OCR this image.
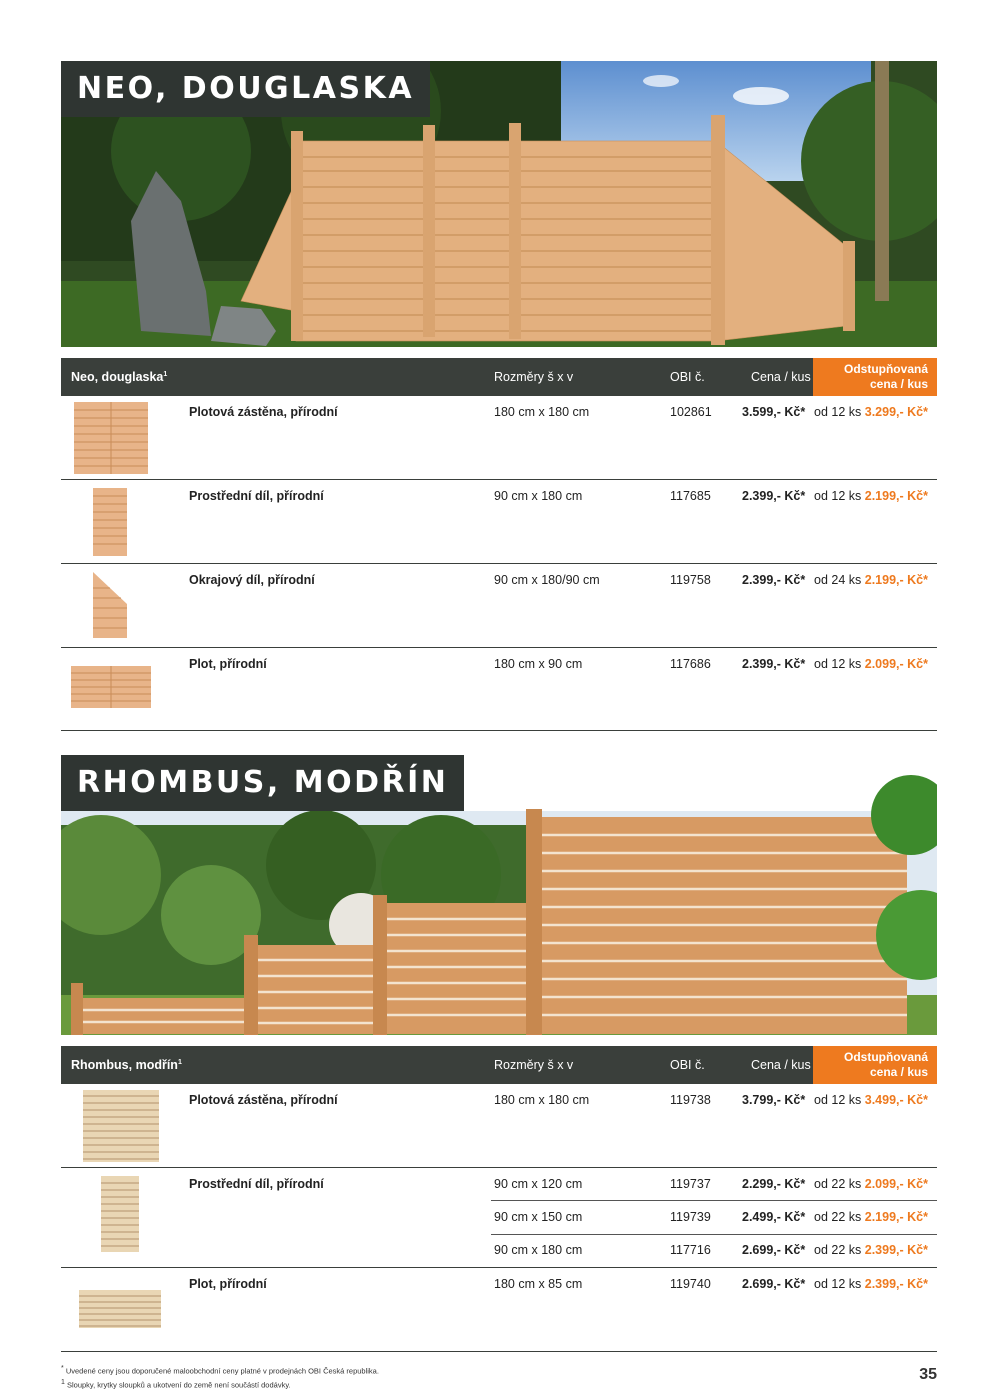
NEO, DOUGLASKA
Neo, douglaska$^1$	Rozměry š x v	OBI č.	Cena / kus
Odstupňovaná
cena / kus
Plotová zástěna, přírodní	180 cm x 180 cm	102861 3.599,- Kč* od 12 ks 3.299,- Kč*
Prostřední díl, přírodní	90 cm x 180 cm	117685 2.399,- Kč* od 12 ks 2.199,- Kč*
Okrajový díl, přírodní	90 cm x 180/90 cm	119758 2.399,- Kč* od 24 ks 2.199,- Kč*
Plot, přírodní	180 cm x 90 cm	117686 2.399,- Kč* od 12 ks 2.099,- Kč*
RHOMBUS, MODŘÍN
Rhombus, modřín$^1$	Rozměry š x v	OBI č.	Cena / kus
Odstupňovaná
cena / kus
Plotová zástěna, přírodní	180 cm x 180 cm	119738 3.799,- Kč* od 12 ks 3.499,- Kč*
Prostřední díl, přírodní	90 cm x 120 cm	119737 2.299,- Kč* od 22 ks 2.099,- Kč*
90 cm x 150 cm	119739 2.499,- Kč* od 22 ks 2.199,- Kč*
90 cm x 180 cm	117716 2.699,- Kč* od 22 ks 2.399,- Kč*
Plot, přírodní	180 cm x 85 cm	119740 2.699,- Kč* od 12 ks 2.399,- Kč*
* Uvedené ceny jsou doporučené maloobchodní ceny platné v prodejnách OBI Česká republika.
$^1$ Sloupky, krytky sloupků a ukotvení do země není součástí dodávky.
35
